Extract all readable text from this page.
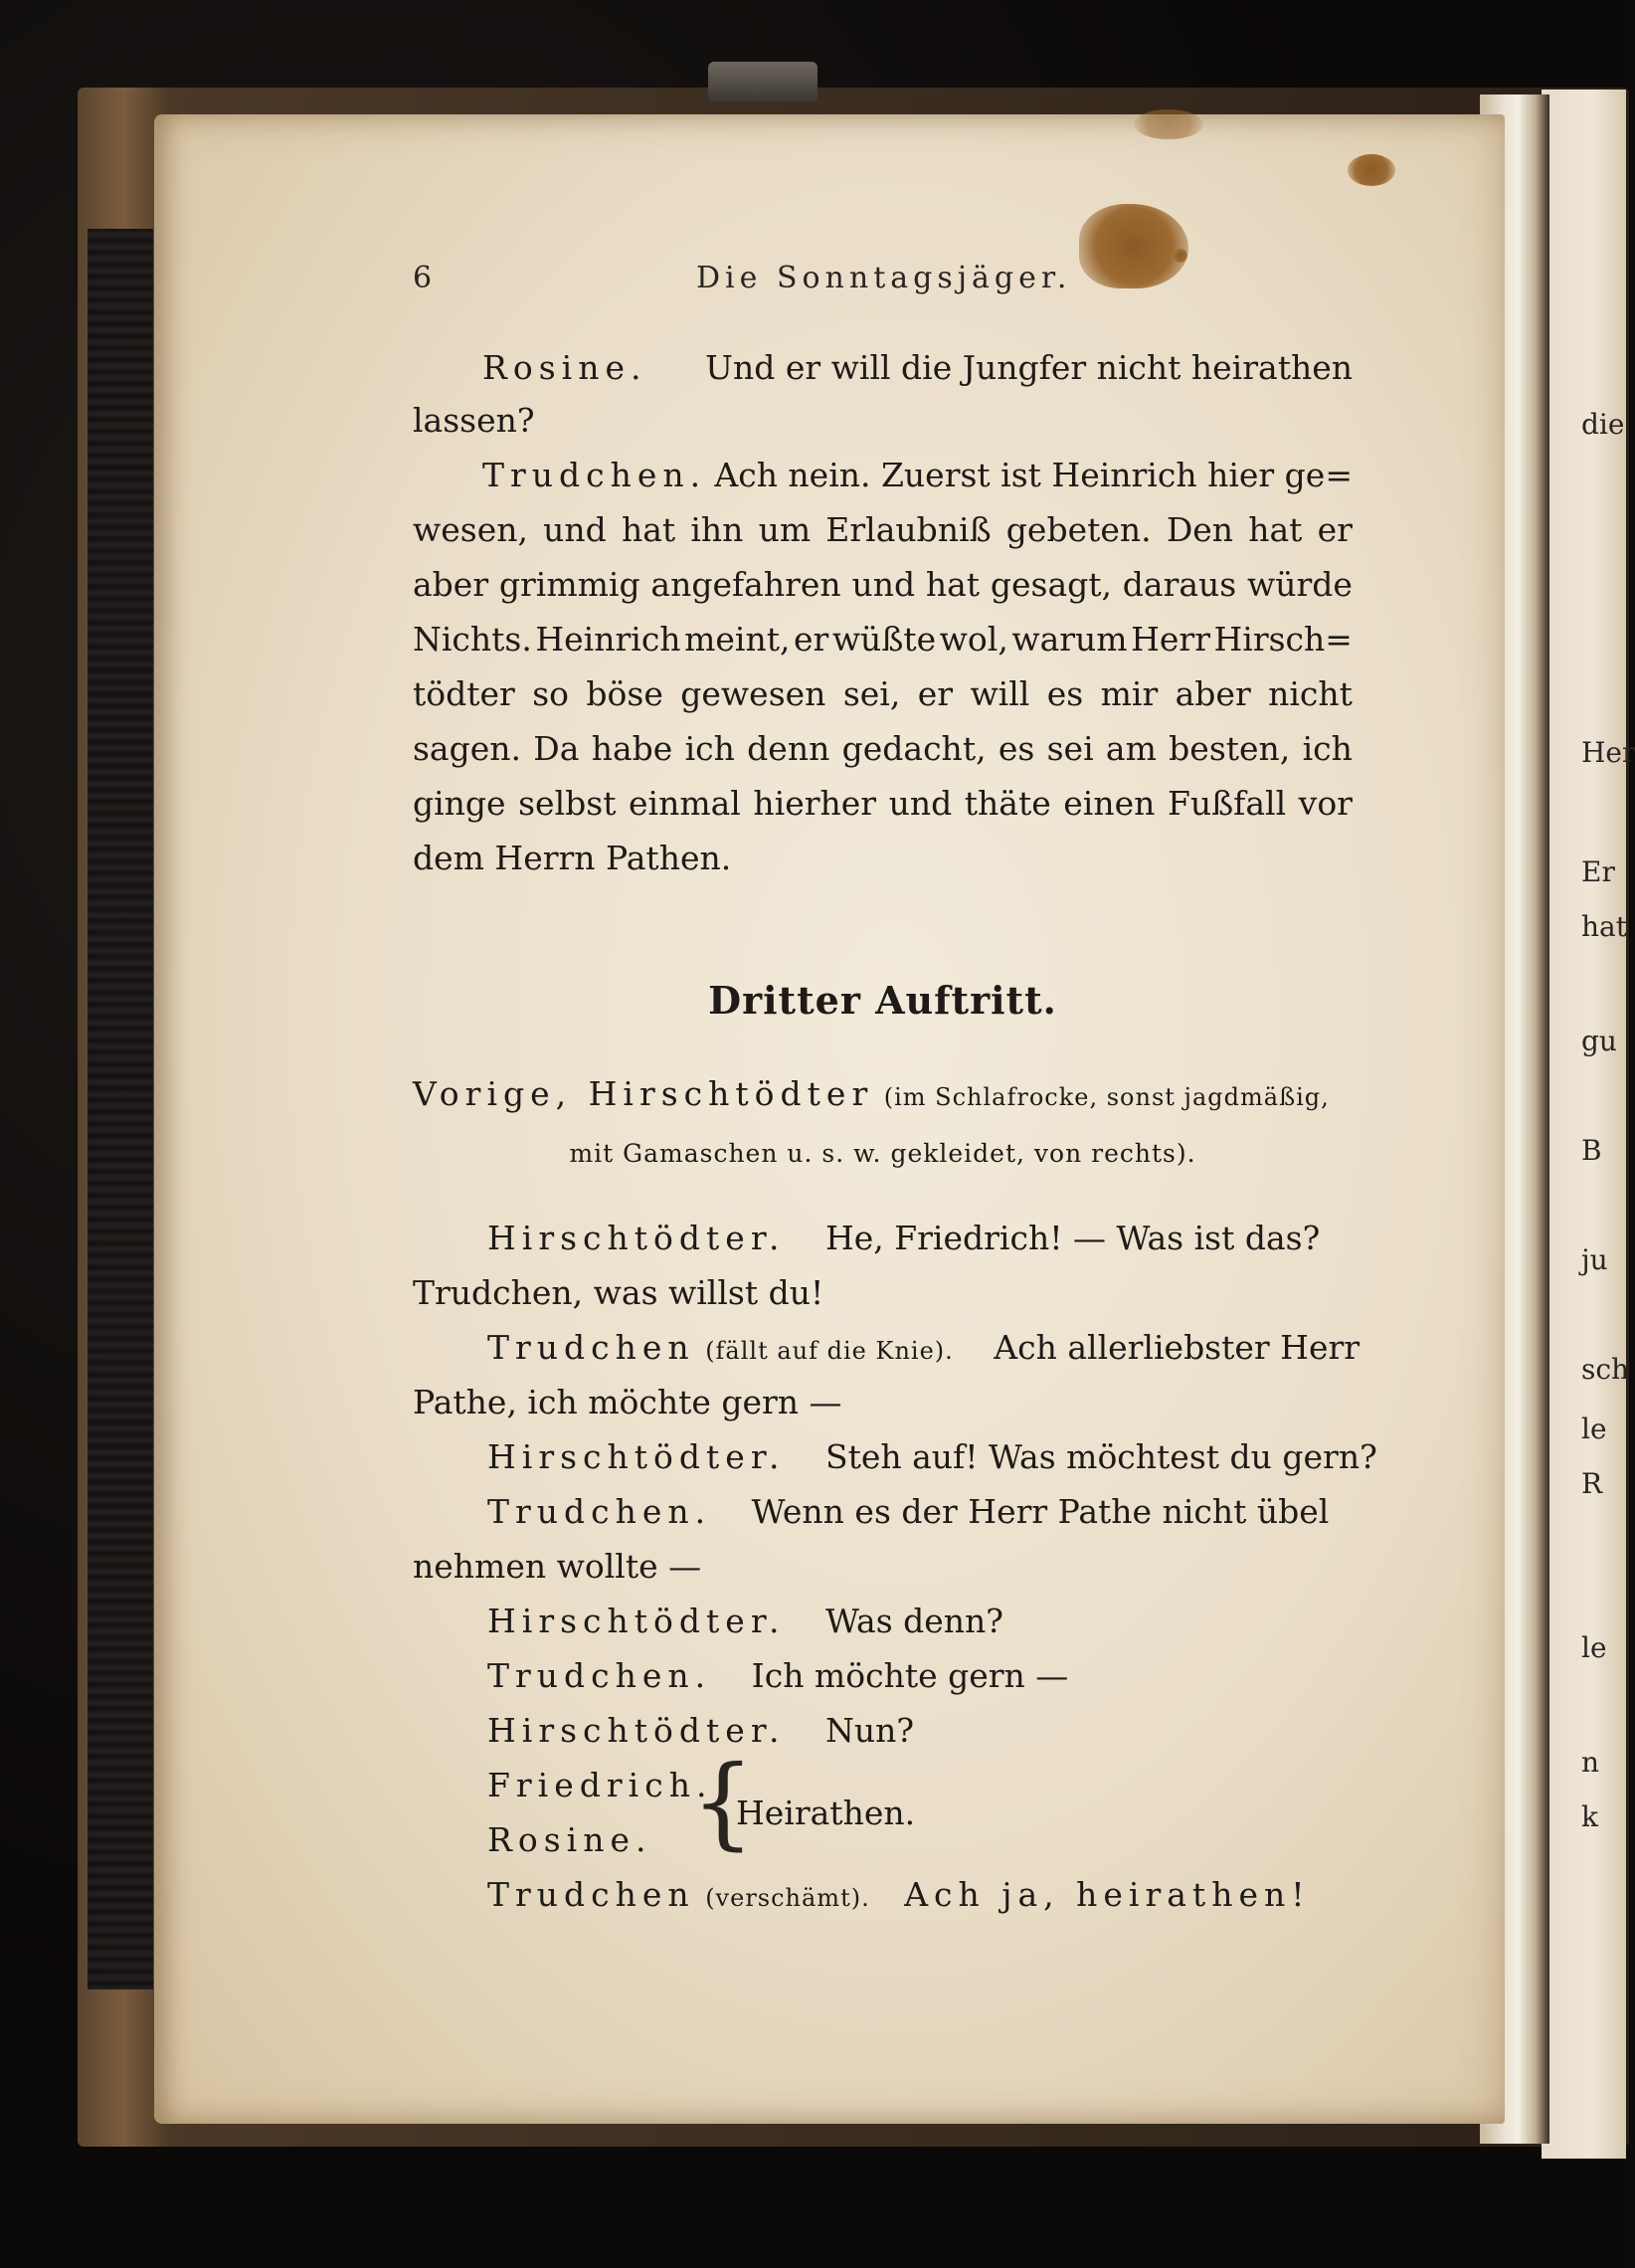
6	Die Sonntagsjäger.
Rosine. Und er will die Jungfer nicht heirathen
lassen?
Trudchen. Ach nein. Zuerst ist Heinrich hier ge=
wesen, und hat ihn um Erlaubniß gebeten. Den hat er
aber grimmig angefahren und hat gesagt, daraus würde
Nichts. Heinrich meint, er wüßte wol, warum Herr Hirsch=
tödter so böse gewesen sei, er will es mir aber nicht
sagen. Da habe ich denn gedacht, es sei am besten, ich
ginge selbst einmal hierher und thäte einen Fußfall vor
dem Herrn Pathen.
Dritter Auftritt.
Vorige, Hirschtödter (im Schlafrocke, sonst jagdmäßig,
mit Gamaschen u. s. w. gekleidet, von rechts).
Hirschtödter. He, Friedrich! — Was ist das?
Trudchen, was willst du!
Trudchen (fällt auf die Knie). Ach allerliebster Herr
Pathe, ich möchte gern —
Hirschtödter. Steh auf! Was möchtest du gern?
Trudchen. Wenn es der Herr Pathe nicht übel
nehmen wollte —
Hirschtödter. Was denn?
Trudchen. Ich möchte gern —
Hirschtödter. Nun?
Friedrich.
Rosine. {
Heirathen.
Trudchen (verschämt). Ach ja, heirathen!
die
Her
Er
hat
gu
B
ju
sch
le
R
le
n
k
